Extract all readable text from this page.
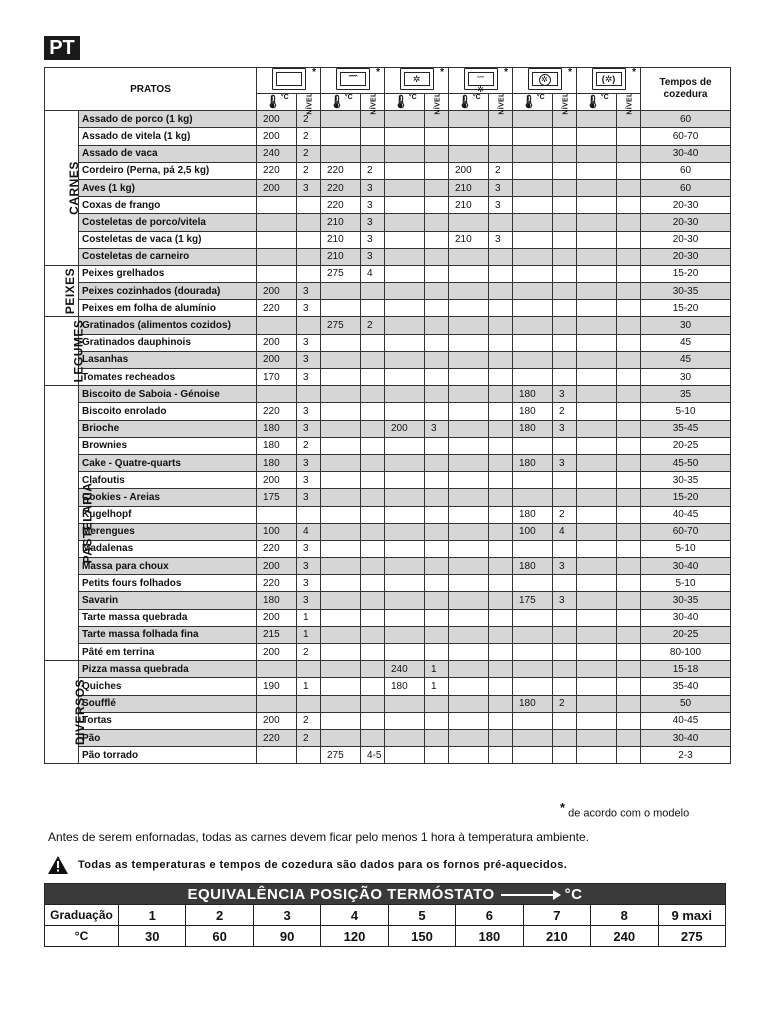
PT
PRATOS		*		ˆˆˆˆ
*		✲
*		ˆˆˆ
✲
*		✲
*		(✲)
*		Tempos de
cozedura
		🌡$^{^\circ C}$	NÍVEL	🌡$^{^\circ C}$	NÍVEL	🌡$^{^\circ C}$	NÍVEL	🌡$^{^\circ C}$	NÍVEL	🌡$^{^\circ C}$	NÍVEL	🌡$^{^\circ C}$	NÍVEL	
CARNES	Assado de porco (1 kg)	200	2											60
	Assado de vitela (1 kg)	200	2											60-70
	Assado de vaca	240	2											30-40
	Cordeiro (Perna, pá 2,5 kg)	220	2	220	2			200	2					60
	Aves (1 kg)	200	3	220	3			210	3					60
	Coxas de frango			220	3			210	3					20-30
	Costeletas de porco/vitela			210	3									20-30
	Costeletas de vaca (1 kg)			210	3			210	3					20-30
	Costeletas de carneiro			210	3									20-30
PEIXES	Peixes grelhados			275	4									15-20
	Peixes cozinhados (dourada)	200	3											30-35
	Peixes em folha de alumínio	220	3											15-20
LEGUMES	Gratinados (alimentos cozidos)			275	2									30
	Gratinados dauphinois	200	3											45
	Lasanhas	200	3											45
	Tomates recheados	170	3											30
PASTELARIA	Biscoito de Saboia - Génoise									180	3			35
	Biscoito enrolado	220	3							180	2			5-10
	Brioche	180	3			200	3			180	3			35-45
	Brownies	180	2											20-25
	Cake - Quatre-quarts	180	3							180	3			45-50
	Clafoutis	200	3											30-35
	Cookies - Areias	175	3											15-20
	Kugelhopf									180	2			40-45
	Merengues	100	4							100	4			60-70
	Madalenas	220	3											5-10
	Massa para choux	200	3							180	3			30-40
	Petits fours folhados	220	3											5-10
	Savarin	180	3							175	3			30-35
	Tarte massa quebrada	200	1											30-40
	Tarte massa folhada fina	215	1											20-25
	Pâté em terrina	200	2											80-100
DIVERSOS	Pizza massa quebrada					240	1							15-18
	Quiches	190	1			180	1							35-40
	Soufflé									180	2			50
	Tortas	200	2											40-45
	Pão	220	2											30-40
	Pão torrado			275	4-5									2-3
* de acordo com o modelo
Antes de serem enfornadas, todas as carnes devem ficar pelo menos 1 hora à temperatura ambiente.
Todas as temperaturas e tempos de cozedura são dados para os fornos pré-aquecidos.
EQUIVALÊNCIA POSIÇÃO TERMÓSTATO °C									
Graduação	1	2	3	4	5	6	7	8	9 maxi
°C	30	60	90	120	150	180	210	240	275
